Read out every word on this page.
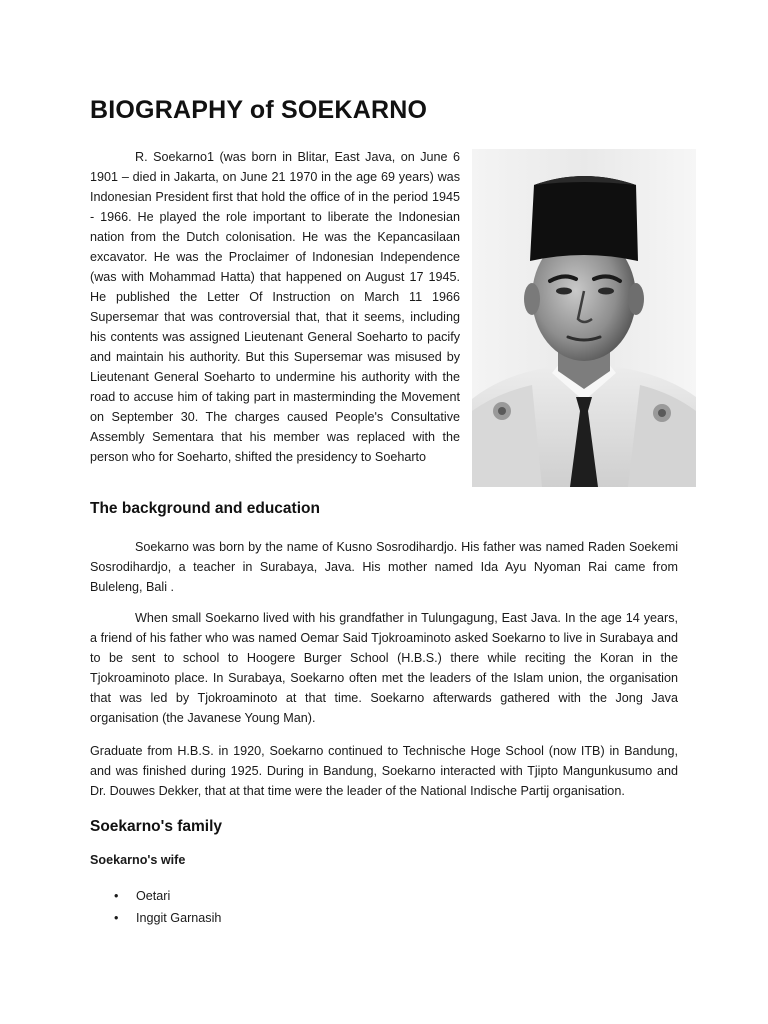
BIOGRAPHY of SOEKARNO

R. Soekarno1 (was born in Blitar, East Java, on June 6 1901 – died in Jakarta, on June 21 1970 in the age 69 years) was Indonesian President first that hold the office of in the period 1945 - 1966. He played the role important to liberate the Indonesian nation from the Dutch colonisation. He was the Kepancasilaan excavator. He was the Proclaimer of Indonesian Independence (was with Mohammad Hatta) that happened on August 17 1945. He published the Letter Of Instruction on March 11 1966 Supersemar that was controversial that, that it seems, including his contents was assigned Lieutenant General Soeharto to pacify and maintain his authority. But this Supersemar was misused by Lieutenant General Soeharto to undermine his authority with the road to accuse him of taking part in masterminding the Movement on September 30. The charges caused People's Consultative Assembly Sementara that his member was replaced with the person who for Soeharto, shifted the presidency to Soeharto

The background and education

Soekarno was born by the name of Kusno Sosrodihardjo. His father was named Raden Soekemi Sosrodihardjo, a teacher in Surabaya, Java. His mother named Ida Ayu Nyoman Rai came from Buleleng, Bali .

When small Soekarno lived with his grandfather in Tulungagung, East Java. In the age 14 years, a friend of his father who was named Oemar Said Tjokroaminoto asked Soekarno to live in Surabaya and to be sent to school to Hoogere Burger School (H.B.S.) there while reciting the Koran in the Tjokroaminoto place. In Surabaya, Soekarno often met the leaders of the Islam union, the organisation that was led by Tjokroaminoto at that time. Soekarno afterwards gathered with the Jong Java organisation (the Javanese Young Man).

Graduate from H.B.S. in 1920, Soekarno continued to Technische Hoge School (now ITB) in Bandung, and was finished during 1925. During in Bandung, Soekarno interacted with Tjipto Mangunkusumo and Dr. Douwes Dekker, that at that time were the leader of the National Indische Partij organisation.

Soekarno's family
Soekarno's wife
• Oetari
• Inggit Garnasih
